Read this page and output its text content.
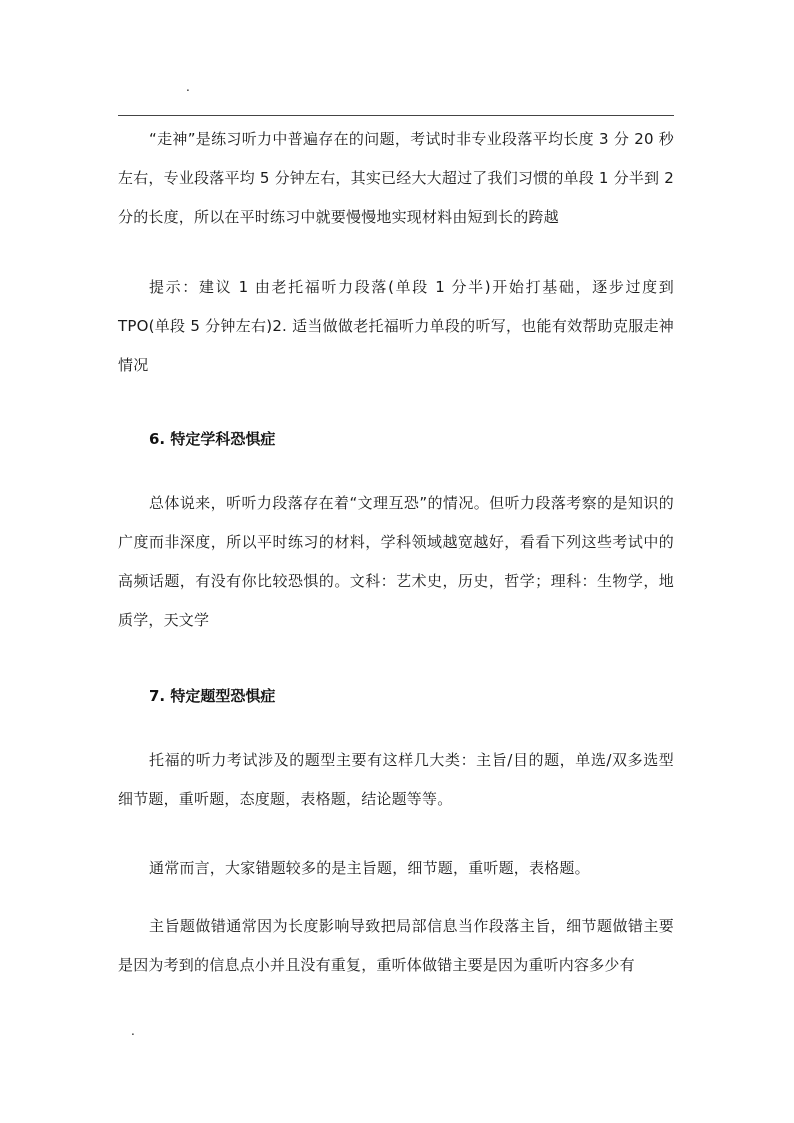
.

“走神”是练习听力中普遍存在的问题，考试时非专业段落平均长度 3 分 20 秒左右，专业段落平均 5 分钟左右，其实已经大大超过了我们习惯的单段 1 分半到 2 分的长度，所以在平时练习中就要慢慢地实现材料由短到长的跨越

提示：建议 1 由老托福听力段落(单段 1 分半)开始打基础，逐步过度到 TPO(单段 5 分钟左右)2. 适当做做老托福听力单段的听写，也能有效帮助克服走神情况

6. 特定学科恐惧症

总体说来，听听力段落存在着“文理互恐”的情况。但听力段落考察的是知识的广度而非深度，所以平时练习的材料，学科领域越宽越好，看看下列这些考试中的高频话题，有没有你比较恐惧的。文科：艺术史，历史，哲学；理科：生物学，地质学，天文学

7. 特定题型恐惧症

托福的听力考试涉及的题型主要有这样几大类：主旨/目的题，单选/双多选型细节题，重听题，态度题，表格题，结论题等等。

通常而言，大家错题较多的是主旨题，细节题，重听题，表格题。

主旨题做错通常因为长度影响导致把局部信息当作段落主旨，细节题做错主要是因为考到的信息点小并且没有重复，重听体做错主要是因为重听内容多少有

.
